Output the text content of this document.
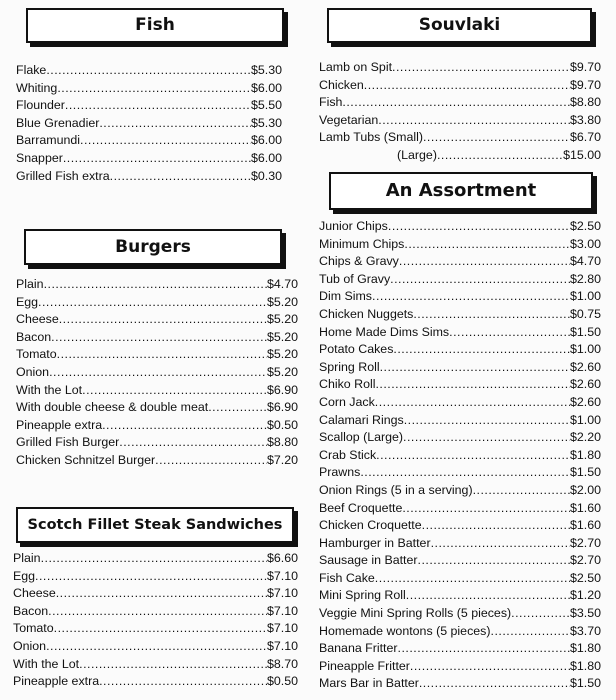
Fish
Flake .....	$5.30
Whiting .....	$6.00
Flounder .....	$5.50
Blue Grenadier .....	$5.30
Barramundi .....	$6.00
Snapper .....	$6.00
Grilled Fish extra .....	$0.30
Burgers
Plain .....	$4.70
Egg .....	$5.20
Cheese .....	$5.20
Bacon .....	$5.20
Tomato .....	$5.20
Onion .....	$5.20
With the Lot .....	$6.90
With double cheese & double meat .....	$6.90
Pineapple extra .....	$0.50
Grilled Fish Burger .....	$8.80
Chicken Schnitzel Burger .....	$7.20
Scotch Fillet Steak Sandwiches
Plain .....	$6.60
Egg .....	$7.10
Cheese .....	$7.10
Bacon .....	$7.10
Tomato .....	$7.10
Onion .....	$7.10
With the Lot .....	$8.70
Pineapple extra .....	$0.50
Souvlaki
Lamb on Spit .....	$9.70
Chicken .....	$9.70
Fish .....	$8.80
Vegetarian .....	$3.80
Lamb Tubs (Small) .....	$6.70
(Large) .....	$15.00
An Assortment
Junior Chips .....	$2.50
Minimum Chips .....	$3.00
Chips & Gravy .....	$4.70
Tub of Gravy .....	$2.80
Dim Sims .....	$1.00
Chicken Nuggets .....	$0.75
Home Made Dims Sims .....	$1.50
Potato Cakes .....	$1.00
Spring Roll .....	$2.60
Chiko Roll .....	$2.60
Corn Jack .....	$2.60
Calamari Rings .....	$1.00
Scallop (Large) .....	$2.20
Crab Stick .....	$1.80
Prawns .....	$1.50
Onion Rings (5 in a serving) .....	$2.00
Beef Croquette .....	$1.60
Chicken Croquette .....	$1.60
Hamburger in Batter .....	$2.70
Sausage in Batter .....	$2.70
Fish Cake .....	$2.50
Mini Spring Roll .....	$1.20
Veggie Mini Spring Rolls (5 pieces) .....	$3.50
Homemade wontons (5 pieces) .....	$3.70
Banana Fritter .....	$1.80
Pineapple Fritter .....	$1.80
Mars Bar in Batter .....	$1.50
